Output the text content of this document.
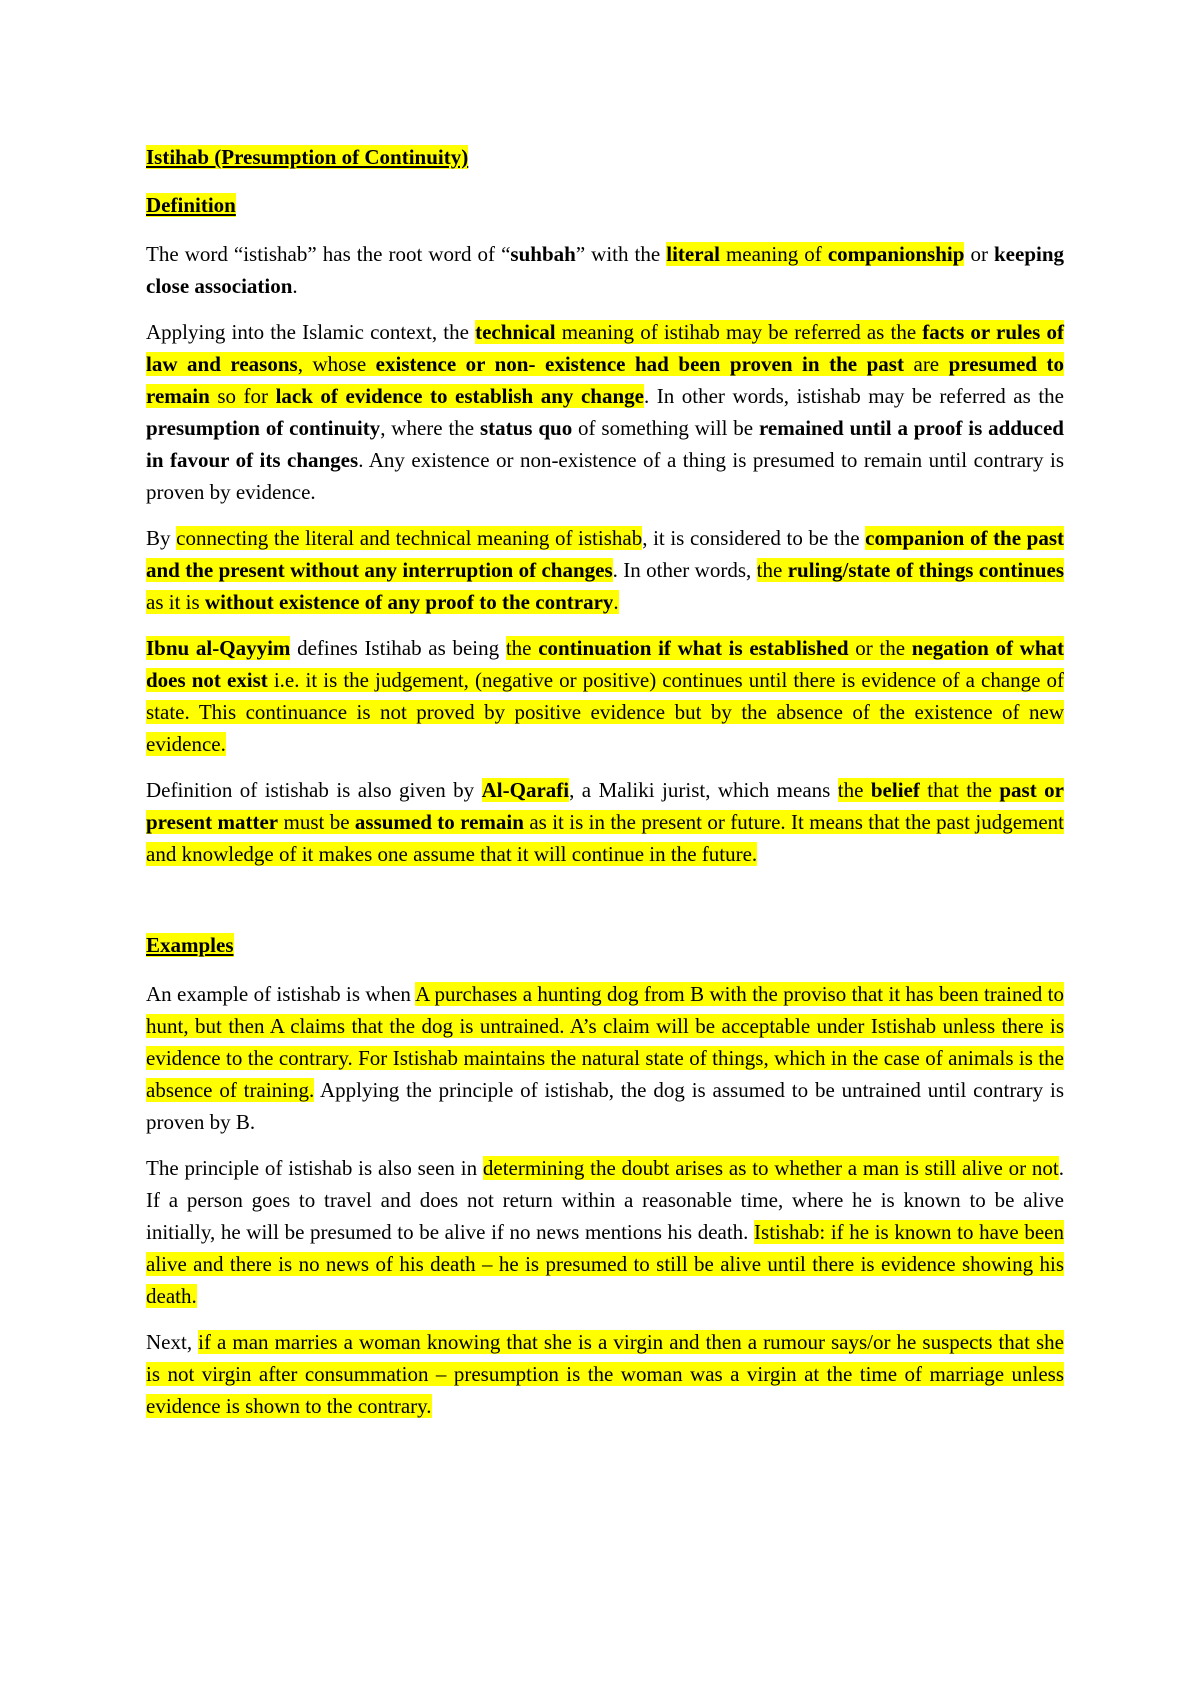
Istihab (Presumption of Continuity)
Definition

The word “istishab” has the root word of “suhbah” with the literal meaning of companionship or keeping close association.

Applying into the Islamic context, the technical meaning of istihab may be referred as the facts or rules of law and reasons, whose existence or non- existence had been proven in the past are presumed to remain so for lack of evidence to establish any change. In other words, istishab may be referred as the presumption of continuity, where the status quo of something will be remained until a proof is adduced in favour of its changes. Any existence or non-existence of a thing is presumed to remain until contrary is proven by evidence.

By connecting the literal and technical meaning of istishab, it is considered to be the companion of the past and the present without any interruption of changes. In other words, the ruling/state of things continues as it is without existence of any proof to the contrary.

Ibnu al-Qayyim defines Istihab as being the continuation if what is established or the negation of what does not exist i.e. it is the judgement, (negative or positive) continues until there is evidence of a change of state. This continuance is not proved by positive evidence but by the absence of the existence of new evidence.

Definition of istishab is also given by Al-Qarafi, a Maliki jurist, which means the belief that the past or present matter must be assumed to remain as it is in the present or future. It means that the past judgement and knowledge of it makes one assume that it will continue in the future.

Examples

An example of istishab is when A purchases a hunting dog from B with the proviso that it has been trained to hunt, but then A claims that the dog is untrained. A’s claim will be acceptable under Istishab unless there is evidence to the contrary. For Istishab maintains the natural state of things, which in the case of animals is the absence of training. Applying the principle of istishab, the dog is assumed to be untrained until contrary is proven by B.

The principle of istishab is also seen in determining the doubt arises as to whether a man is still alive or not. If a person goes to travel and does not return within a reasonable time, where he is known to be alive initially, he will be presumed to be alive if no news mentions his death. Istishab: if he is known to have been alive and there is no news of his death – he is presumed to still be alive until there is evidence showing his death.

Next, if a man marries a woman knowing that she is a virgin and then a rumour says/or he suspects that she is not virgin after consummation – presumption is the woman was a virgin at the time of marriage unless evidence is shown to the contrary.
